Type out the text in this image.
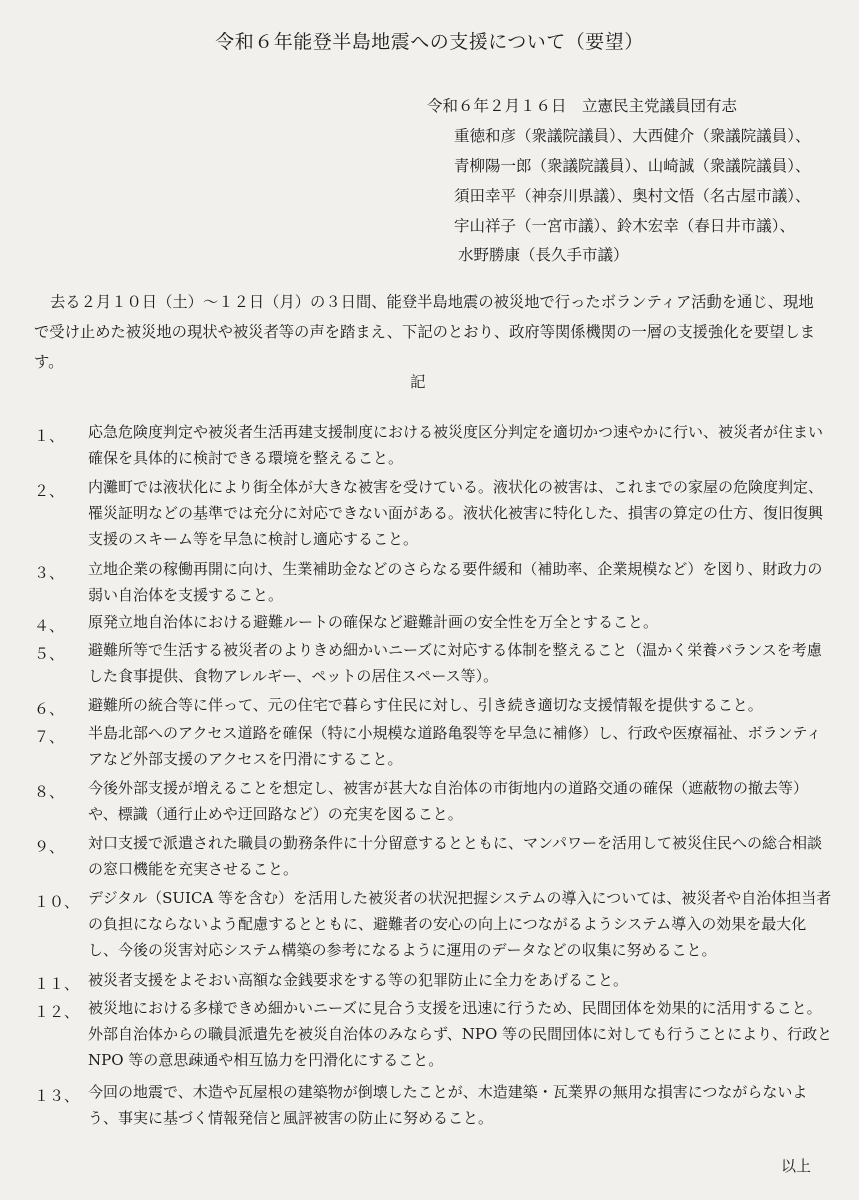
令和６年能登半島地震への支援について（要望）
令和６年２月１６日　立憲民主党議員団有志
重徳和彦（衆議院議員）、大西健介（衆議院議員）、
青柳陽一郎（衆議院議員）、山崎誠（衆議院議員）、
須田幸平（神奈川県議）、奥村文悟（名古屋市議）、
宇山祥子（一宮市議）、鈴木宏幸（春日井市議）、
水野勝康（長久手市議）
去る２月１０日（土）～１２日（月）の３日間、能登半島地震の被災地で行ったボランティア活動を通じ、現地で受け止めた被災地の現状や被災者等の声を踏まえ、下記のとおり、政府等関係機関の一層の支援強化を要望します。
記
１、 応急危険度判定や被災者生活再建支援制度における被災度区分判定を適切かつ速やかに行い、被災者が住まい確保を具体的に検討できる環境を整えること。
２、 内灘町では液状化により街全体が大きな被害を受けている。液状化の被害は、これまでの家屋の危険度判定、罹災証明などの基準では充分に対応できない面がある。液状化被害に特化した、損害の算定の仕方、復旧復興支援のスキーム等を早急に検討し適応すること。
３、 立地企業の稼働再開に向け、生業補助金などのさらなる要件緩和（補助率、企業規模など）を図り、財政力の弱い自治体を支援すること。
４、 原発立地自治体における避難ルートの確保など避難計画の安全性を万全とすること。
５、 避難所等で生活する被災者のよりきめ細かいニーズに対応する体制を整えること（温かく栄養バランスを考慮した食事提供、食物アレルギー、ペットの居住スペース等）。
６、 避難所の統合等に伴って、元の住宅で暮らす住民に対し、引き続き適切な支援情報を提供すること。
７、 半島北部へのアクセス道路を確保（特に小規模な道路亀裂等を早急に補修）し、行政や医療福祉、ボランティアなど外部支援のアクセスを円滑にすること。
８、 今後外部支援が増えることを想定し、被害が甚大な自治体の市街地内の道路交通の確保（遮蔽物の撤去等）や、標識（通行止めや迂回路など）の充実を図ること。
９、 対口支援で派遣された職員の勤務条件に十分留意するとともに、マンパワーを活用して被災住民への総合相談の窓口機能を充実させること。
１０、 デジタル（SUICA 等を含む）を活用した被災者の状況把握システムの導入については、被災者や自治体担当者の負担にならないよう配慮するとともに、避難者の安心の向上につながるようシステム導入の効果を最大化し、今後の災害対応システム構築の参考になるように運用のデータなどの収集に努めること。
１１、 被災者支援をよそおい高額な金銭要求をする等の犯罪防止に全力をあげること。
１２、 被災地における多様できめ細かいニーズに見合う支援を迅速に行うため、民間団体を効果的に活用すること。外部自治体からの職員派遣先を被災自治体のみならず、NPO 等の民間団体に対しても行うことにより、行政と NPO 等の意思疎通や相互協力を円滑化にすること。
１３、 今回の地震で、木造や瓦屋根の建築物が倒壊したことが、木造建築・瓦業界の無用な損害につながらないよう、事実に基づく情報発信と風評被害の防止に努めること。
以上
